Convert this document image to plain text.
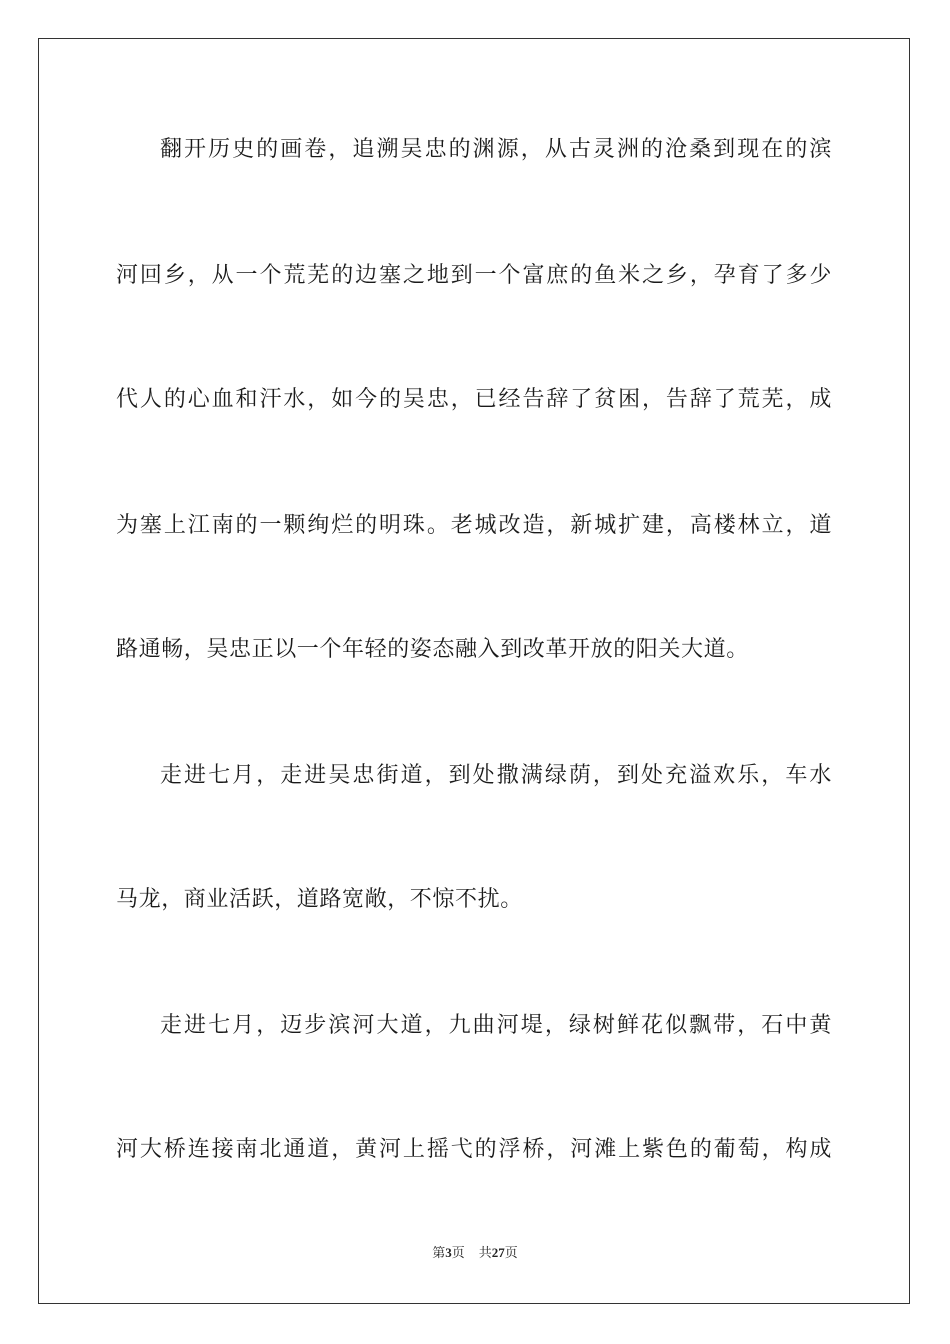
翻开历史的画卷，追溯吴忠的渊源，从古灵洲的沧桑到现在的滨
河回乡，从一个荒芜的边塞之地到一个富庶的鱼米之乡，孕育了多少
代人的心血和汗水，如今的吴忠，已经告辞了贫困，告辞了荒芜，成
为塞上江南的一颗绚烂的明珠。老城改造，新城扩建，高楼林立，道
路通畅，吴忠正以一个年轻的姿态融入到改革开放的阳关大道。
走进七月，走进吴忠街道，到处撒满绿荫，到处充溢欢乐，车水
马龙，商业活跃，道路宽敞，不惊不扰。
走进七月，迈步滨河大道，九曲河堤，绿树鲜花似飘带，石中黄
河大桥连接南北通道，黄河上摇弋的浮桥，河滩上紫色的葡萄，构成
第3页 共27页
